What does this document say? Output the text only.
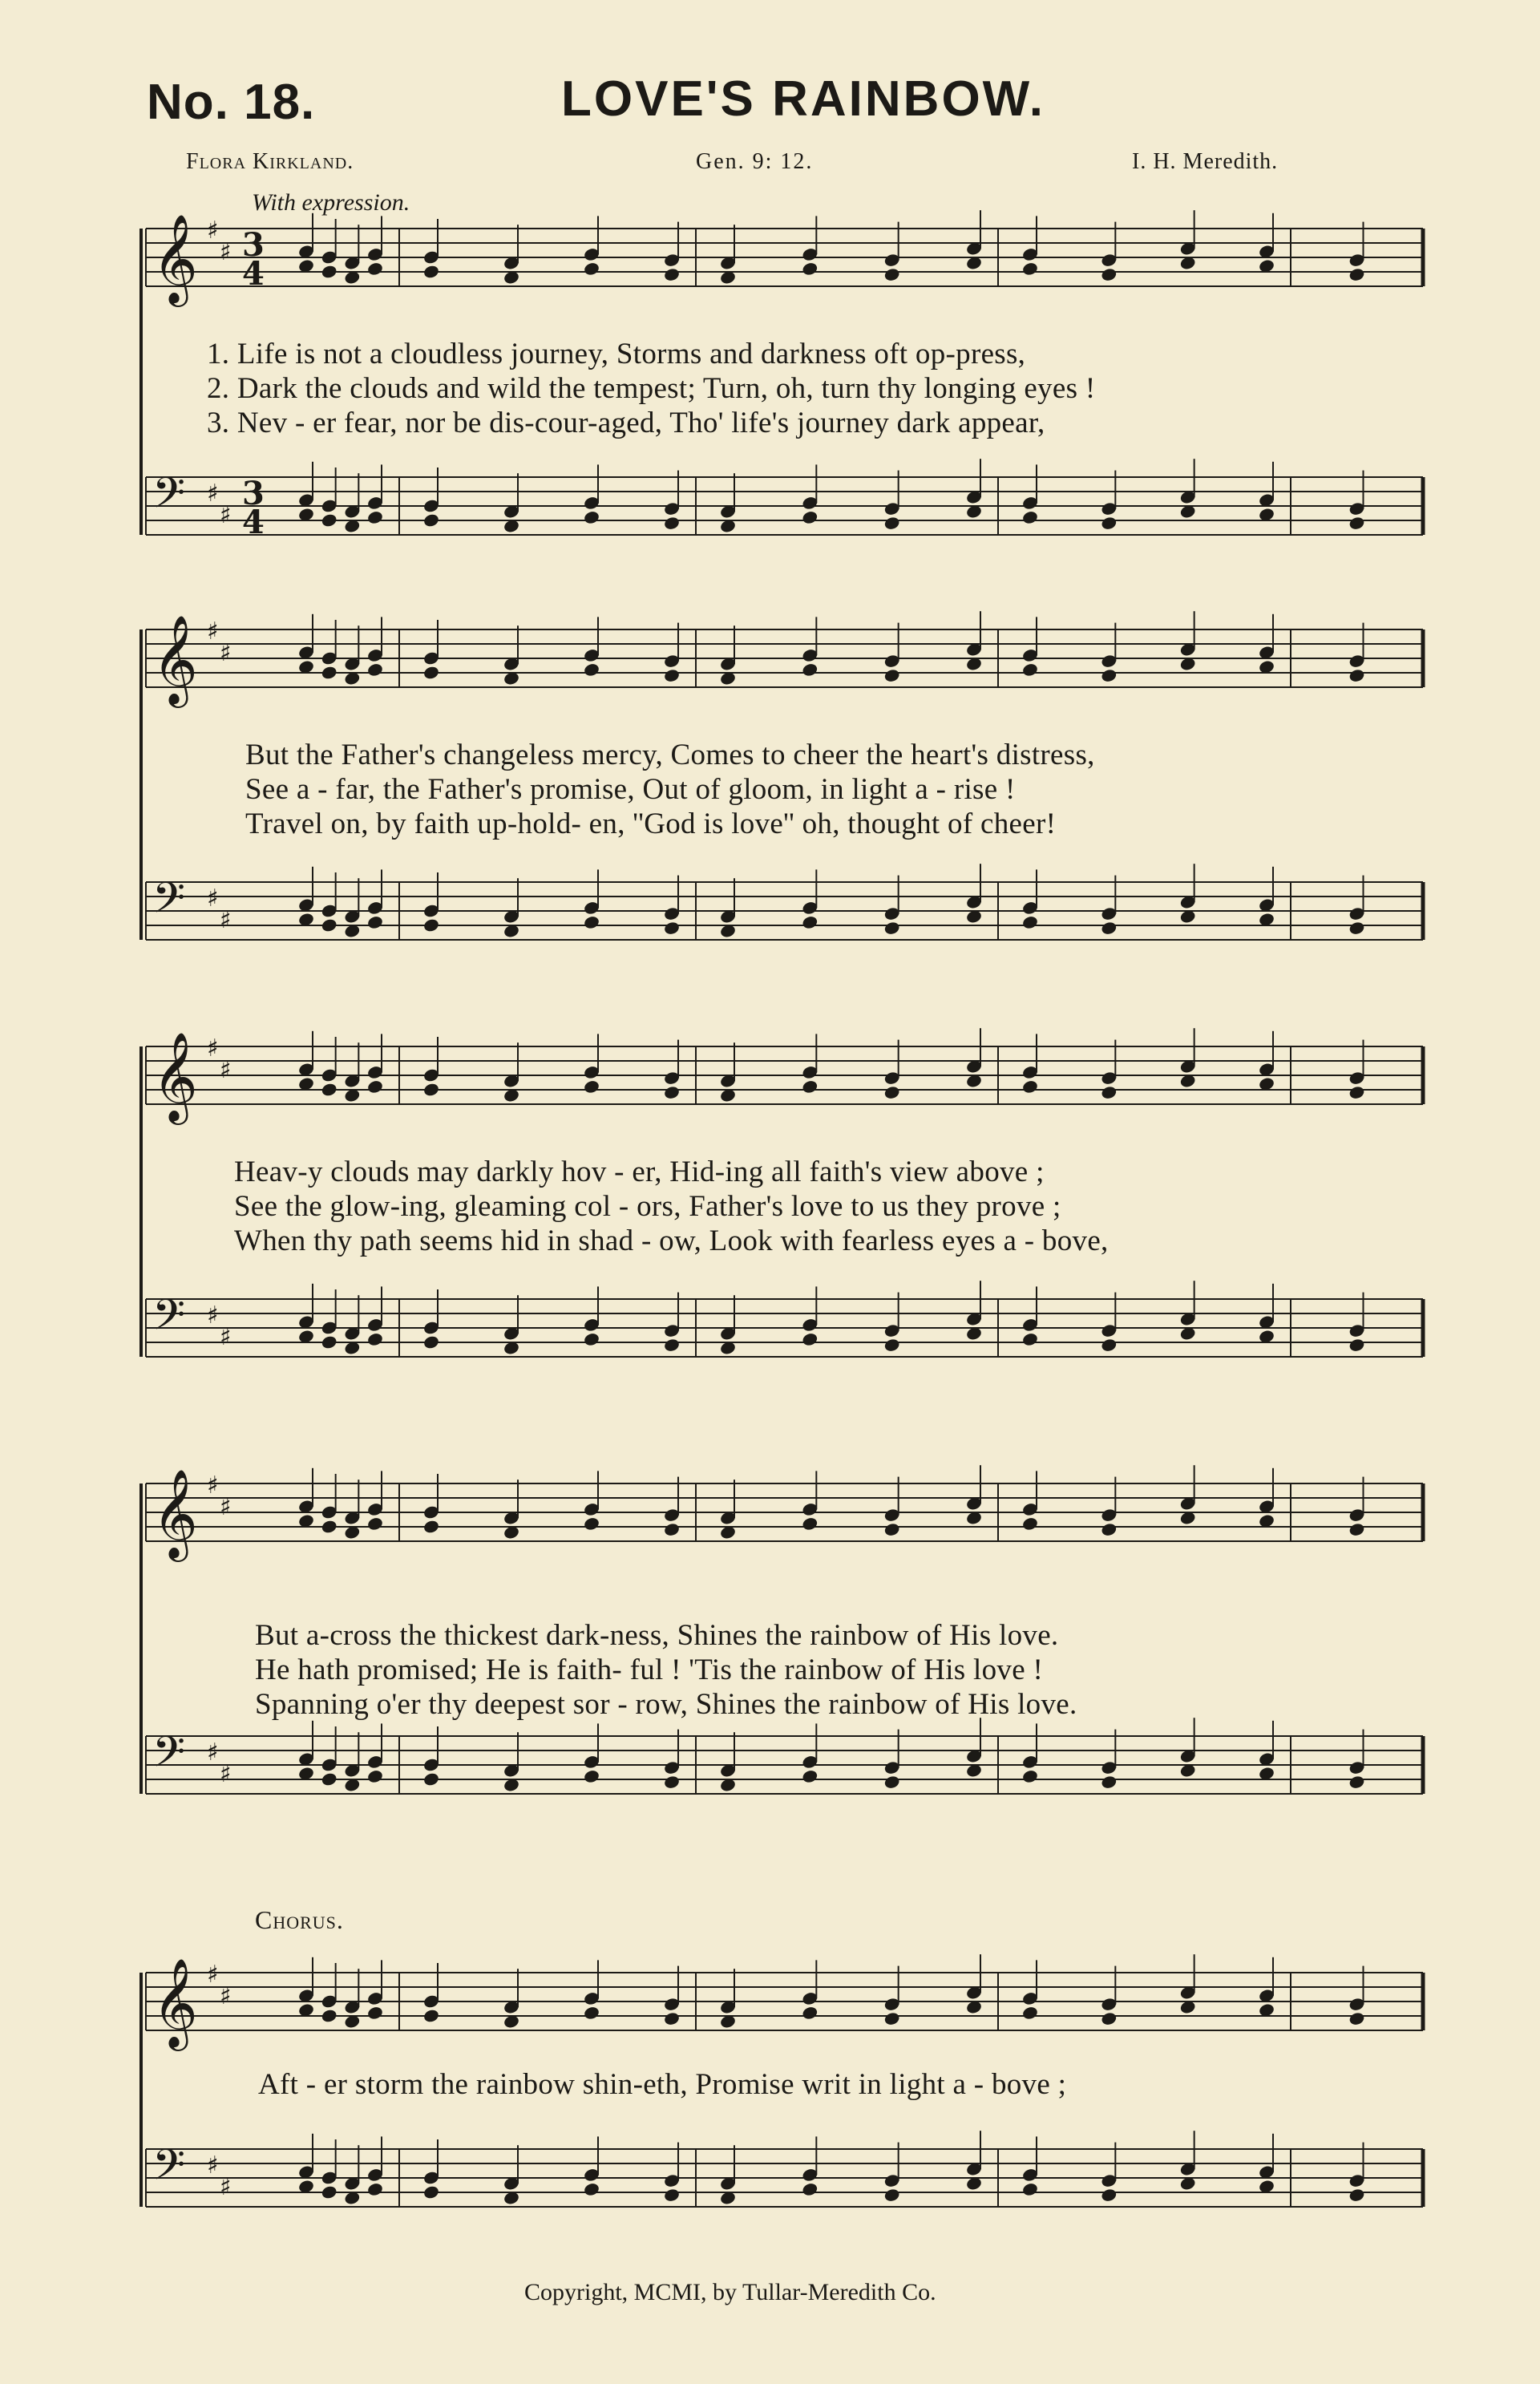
No. 18.	LOVE'S RAINBOW.
Flora Kirkland.	Gen. 9: 12.	I. H. Meredith.
With expression.
𝄞 ♯
♯ 3
4
𝄢 ♯
♯
3
4
1. Life is not a cloudless journey, Storms and darkness oft op-press,
2. Dark the clouds and wild the tempest; Turn, oh, turn thy longing eyes !
3. Nev - er fear, nor be dis-cour-aged, Tho' life's journey dark appear,
𝄞 ♯
♯
𝄢 ♯
♯
But the Father's changeless mercy, Comes to cheer the heart's distress,
See a - far, the Father's promise, Out of gloom, in light a - rise !
Travel on, by faith up-hold- en, ''God is love'' oh, thought of cheer!
𝄞 ♯
♯
𝄢 ♯
♯
Heav-y clouds may darkly hov - er, Hid-ing all faith's view above ;
See the glow-ing, gleaming col - ors, Father's love to us they prove ;
When thy path seems hid in shad - ow, Look with fearless eyes a - bove,
𝄞 ♯
♯
𝄢 ♯
♯
But a-cross the thickest dark-ness, Shines the rainbow of His love.
He hath promised; He is faith- ful ! 'Tis the rainbow of His love !
Spanning o'er thy deepest sor - row, Shines the rainbow of His love.
Chorus.
𝄞 ♯
♯
𝄢 ♯
♯
Aft - er storm the rainbow shin-eth, Promise writ in light a - bove ;
Copyright, MCMI, by Tullar-Meredith Co.
